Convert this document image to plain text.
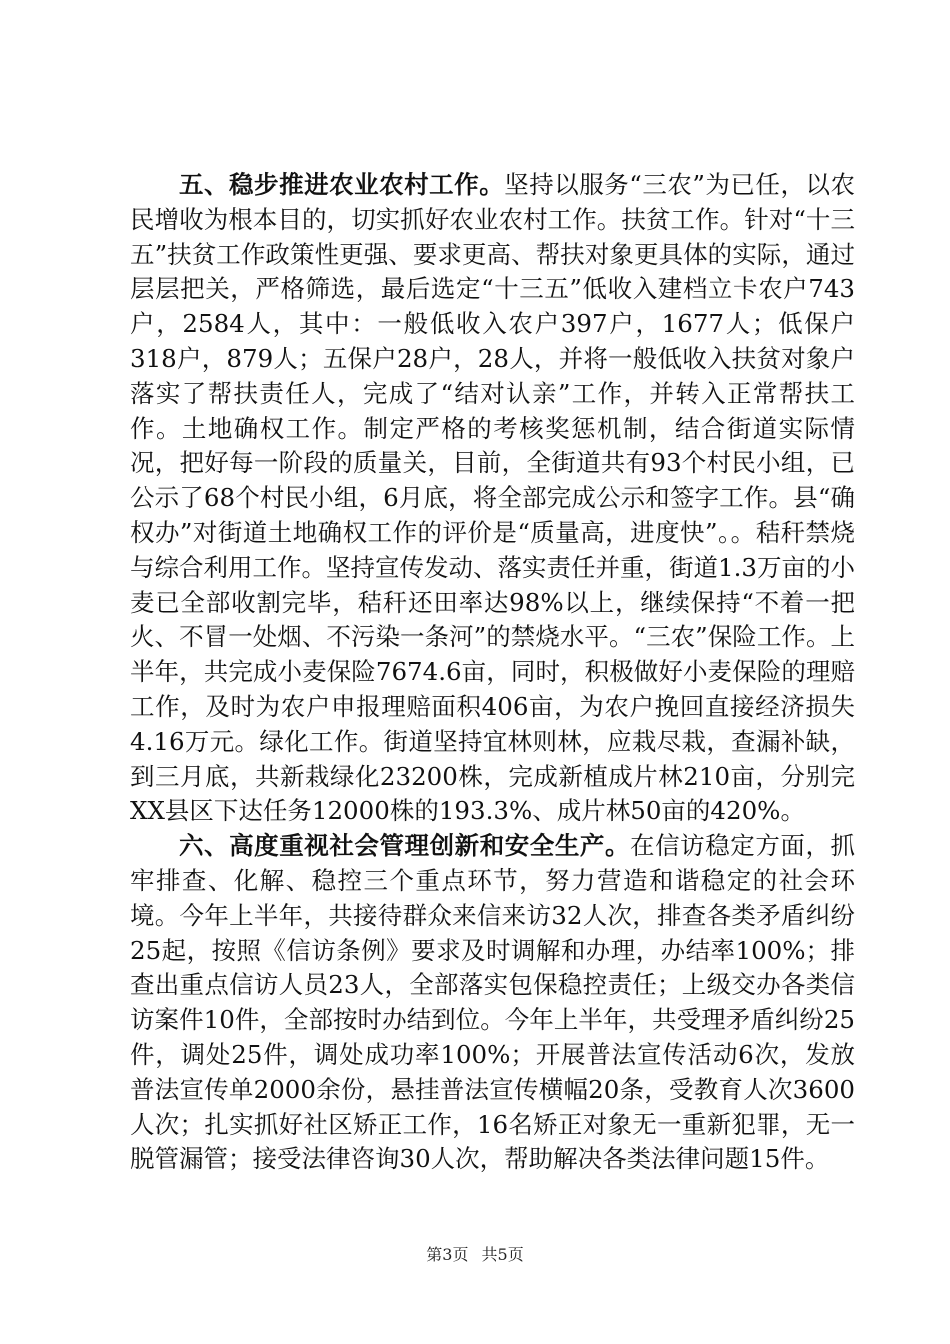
五、稳步推进农业农村工作。坚持以服务“三农”为已任，以农民增收为根本目的，切实抓好农业农村工作。扶贫工作。针对“十三五”扶贫工作政策性更强、要求更高、帮扶对象更具体的实际，通过层层把关，严格筛选，最后选定“十三五”低收入建档立卡农户743户，2584人，其中：一般低收入农户397户，1677人；低保户318户，879人；五保户28户，28人，并将一般低收入扶贫对象户落实了帮扶责任人，完成了“结对认亲”工作，并转入正常帮扶工作。土地确权工作。制定严格的考核奖惩机制，结合街道实际情况，把好每一阶段的质量关，目前，全街道共有93个村民小组，已公示了68个村民小组，6月底，将全部完成公示和签字工作。县“确权办”对街道土地确权工作的评价是“质量高，进度快”。。秸秆禁烧与综合利用工作。坚持宣传发动、落实责任并重，街道1.3万亩的小麦已全部收割完毕，秸秆还田率达98%以上，继续保持“不着一把火、不冒一处烟、不污染一条河”的禁烧水平。“三农”保险工作。上半年，共完成小麦保险7674.6亩，同时，积极做好小麦保险的理赔工作，及时为农户申报理赔面积406亩，为农户挽回直接经济损失4.16万元。绿化工作。街道坚持宜林则林，应栽尽栽，查漏补缺，到三月底，共新栽绿化23200株，完成新植成片林210亩，分别完XX县区下达任务12000株的193.3%、成片林50亩的420%。

六、高度重视社会管理创新和安全生产。在信访稳定方面，抓牢排查、化解、稳控三个重点环节，努力营造和谐稳定的社会环境。今年上半年，共接待群众来信来访32人次，排查各类矛盾纠纷25起，按照《信访条例》要求及时调解和办理，办结率100%；排查出重点信访人员23人，全部落实包保稳控责任；上级交办各类信访案件10件，全部按时办结到位。今年上半年，共受理矛盾纠纷25件，调处25件，调处成功率100%；开展普法宣传活动6次，发放普法宣传单2000余份，悬挂普法宣传横幅20条，受教育人次3600人次；扎实抓好社区矫正工作，16名矫正对象无一重新犯罪，无一脱管漏管；接受法律咨询30人次，帮助解决各类法律问题15件。

第3页 共5页
